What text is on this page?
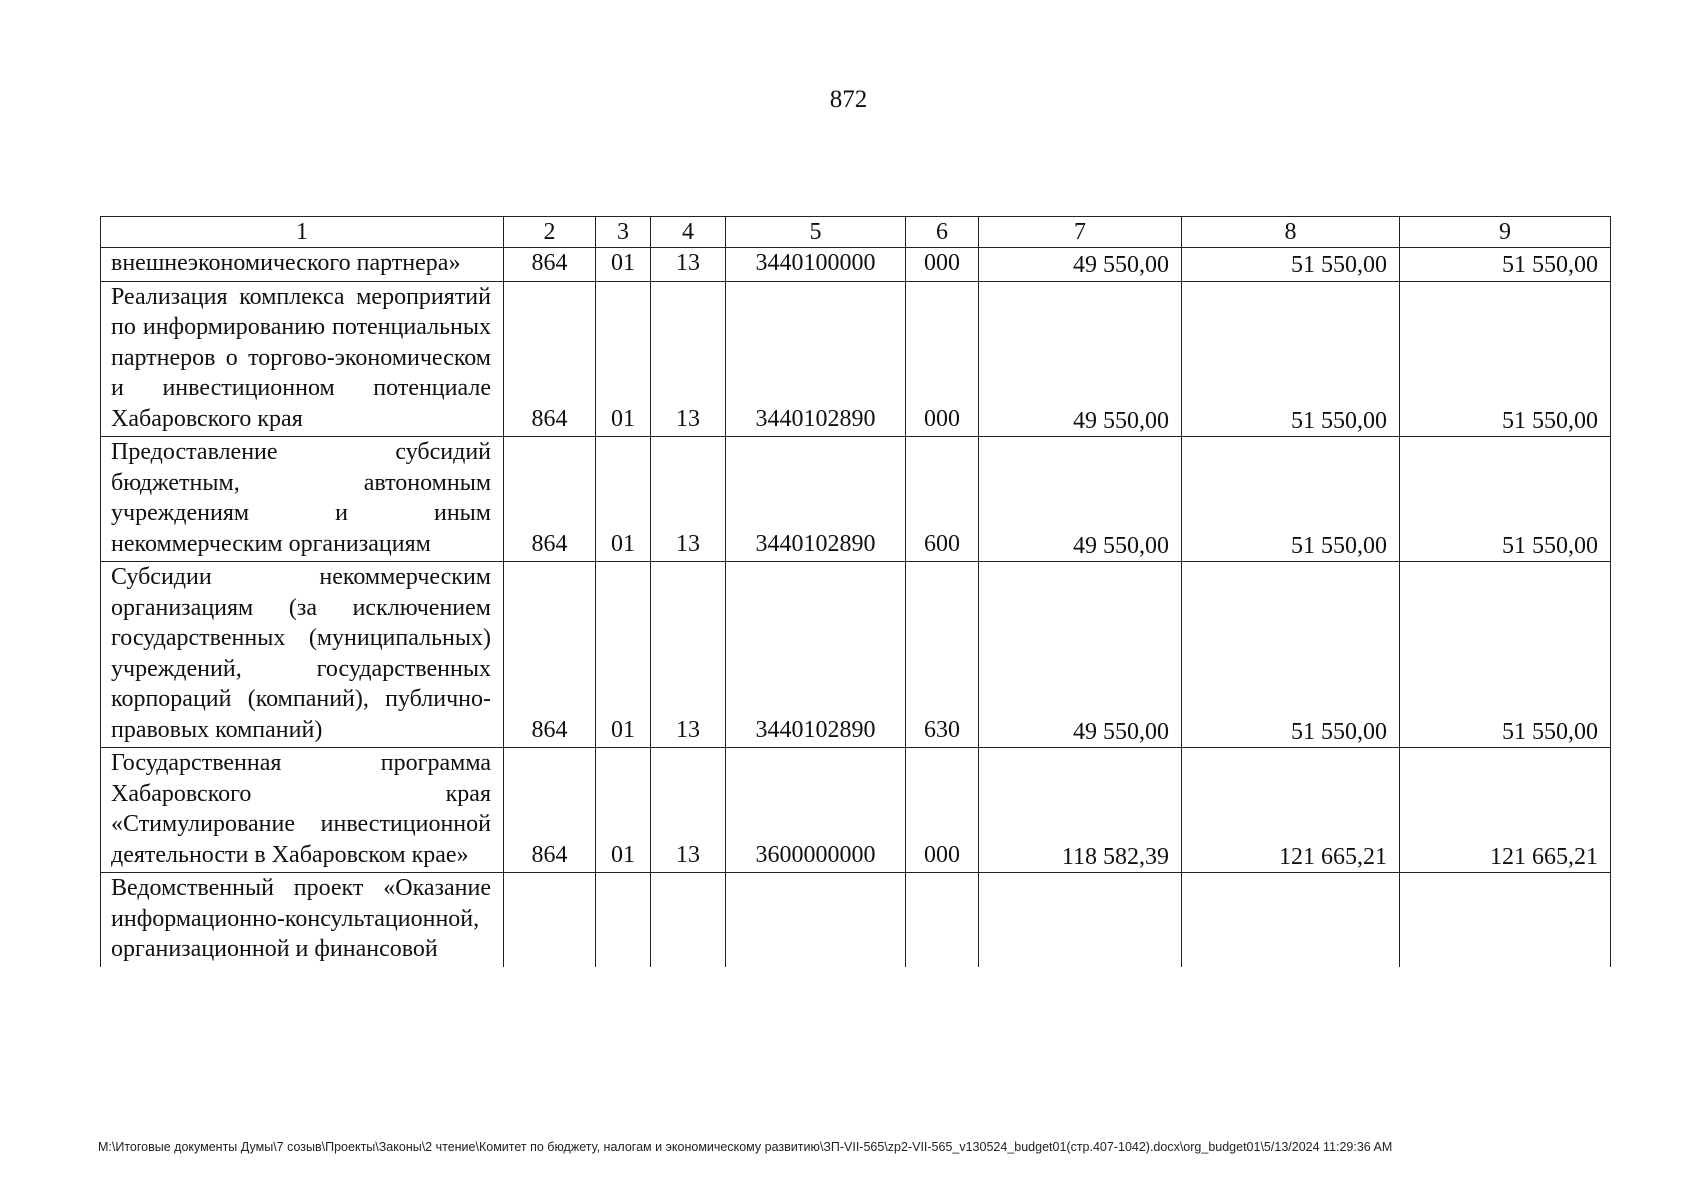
872
1	2	3	4	5	6	7	8	9
внешнеэкономического партнера»	864	01	13	3440100000	000	49 550,00	51 550,00	51 550,00
Реализация комплекса мероприятий по информированию потенциальных партнеров о торгово-экономическом и инвестиционном потенциале Хабаровского края	864	01	13	3440102890	000	49 550,00	51 550,00	51 550,00
Предоставление субсидий бюджетным, автономным учреждениям и иным некоммерческим организациям	864	01	13	3440102890	600	49 550,00	51 550,00	51 550,00
Субсидии некоммерческим организациям (за исключением государственных (муниципальных) учреждений, государственных корпораций (компаний), публично-правовых компаний)	864	01	13	3440102890	630	49 550,00	51 550,00	51 550,00
Государственная программа Хабаровского края «Стимулирование инвестиционной деятельности в Хабаровском крае»	864	01	13	3600000000	000	118 582,39	121 665,21	121 665,21
Ведомственный проект «Оказание информационно-консультационной, организационной и финансовой								
М:\Итоговые документы Думы\7 созыв\Проекты\Законы\2 чтение\Комитет по бюджету, налогам и экономическому развитию\ЗП-VII-565\zp2-VII-565_v130524_budget01(стр.407-1042).docx\org_budget01\5/13/2024 11:29:36 AM
